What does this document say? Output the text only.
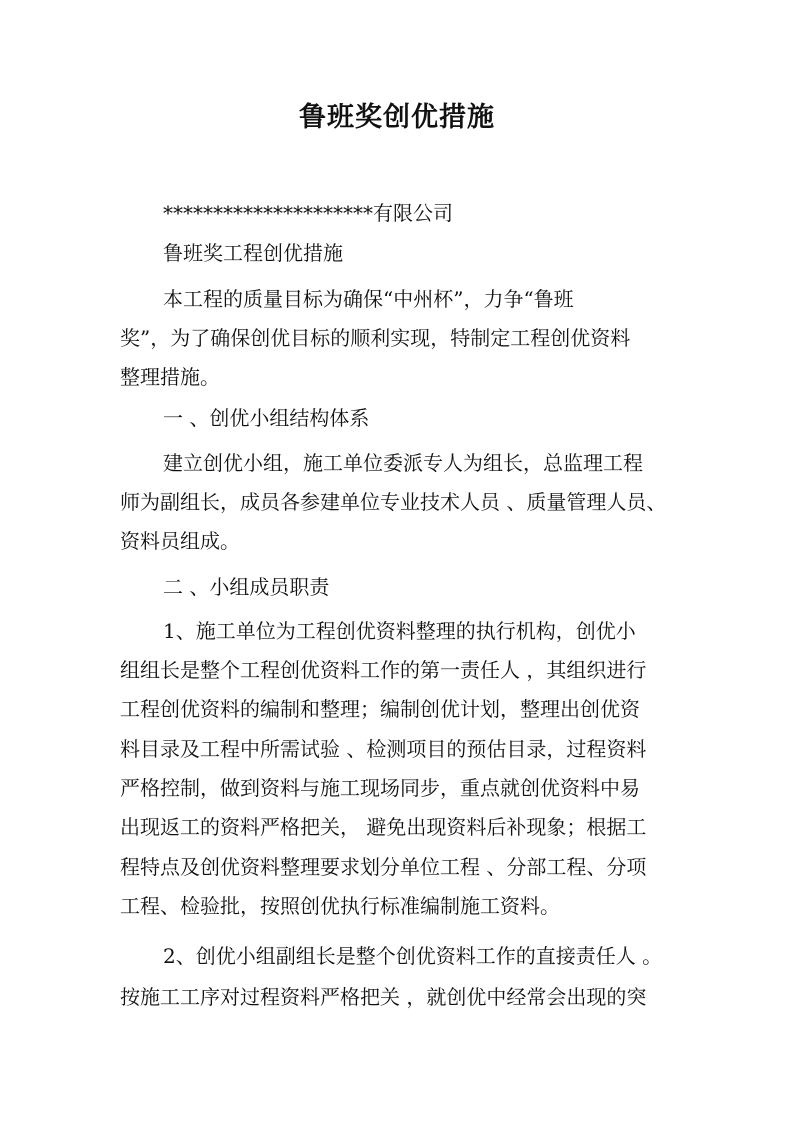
鲁班奖创优措施
*********************有限公司
鲁班奖工程创优措施
本工程的质量目标为确保“中州杯”，力争“鲁班
奖”，为了确保创优目标的顺利实现，特制定工程创优资料
整理措施。
一 、创优小组结构体系
建立创优小组，施工单位委派专人为组长，总监理工程
师为副组长，成员各参建单位专业技术人员 、质量管理人员、
资料员组成。
二 、小组成员职责
1、施工单位为工程创优资料整理的执行机构，创优小
组组长是整个工程创优资料工作的第一责任人 ，其组织进行
工程创优资料的编制和整理；编制创优计划，整理出创优资
料目录及工程中所需试验 、检测项目的预估目录，过程资料
严格控制，做到资料与施工现场同步，重点就创优资料中易
出现返工的资料严格把关， 避免出现资料后补现象；根据工
程特点及创优资料整理要求划分单位工程 、分部工程、分项
工程、检验批，按照创优执行标准编制施工资料。
2、创优小组副组长是整个创优资料工作的直接责任人 。
按施工工序对过程资料严格把关 ，就创优中经常会出现的突
